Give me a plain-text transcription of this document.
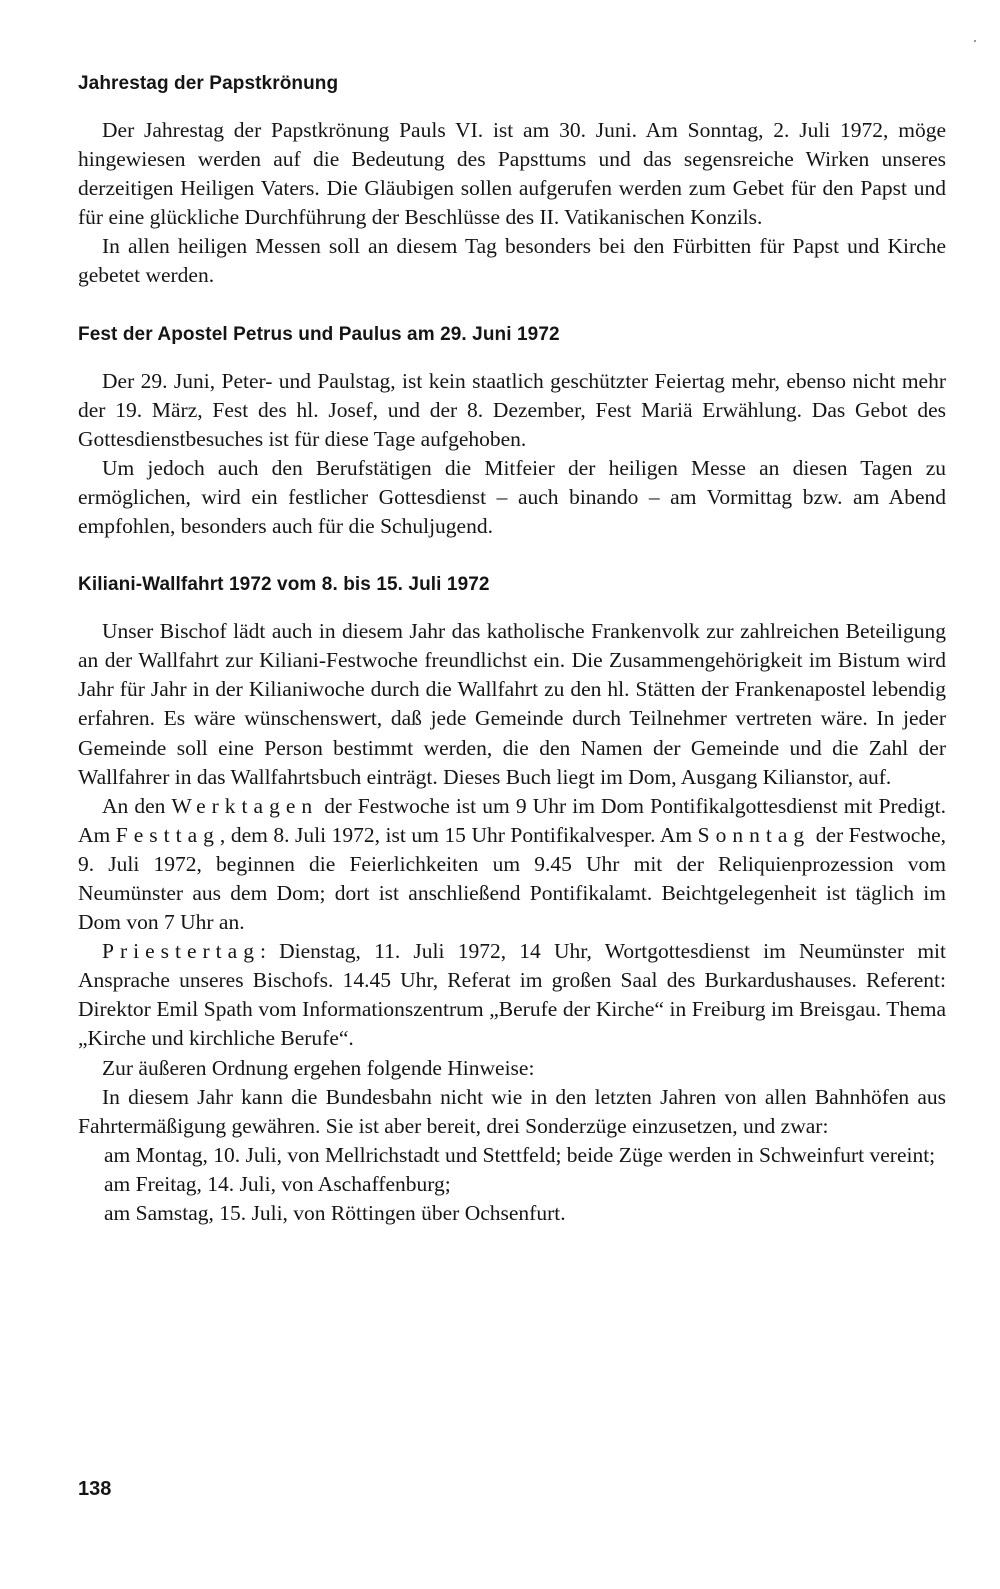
Jahrestag der Papstkrönung

Der Jahrestag der Papstkrönung Pauls VI. ist am 30. Juni. Am Sonntag, 2. Juli 1972, möge hingewiesen werden auf die Bedeutung des Papsttums und das segensreiche Wirken unseres derzeitigen Heiligen Vaters. Die Gläubigen sollen aufgerufen werden zum Gebet für den Papst und für eine glückliche Durchführung der Beschlüsse des II. Vatikanischen Konzils.

In allen heiligen Messen soll an diesem Tag besonders bei den Fürbitten für Papst und Kirche gebetet werden.

Fest der Apostel Petrus und Paulus am 29. Juni 1972

Der 29. Juni, Peter- und Paulstag, ist kein staatlich geschützter Feiertag mehr, ebenso nicht mehr der 19. März, Fest des hl. Josef, und der 8. Dezember, Fest Mariä Erwählung. Das Gebot des Gottesdienstbesuches ist für diese Tage aufgehoben.

Um jedoch auch den Berufstätigen die Mitfeier der heiligen Messe an diesen Tagen zu ermöglichen, wird ein festlicher Gottesdienst – auch binando – am Vormittag bzw. am Abend empfohlen, besonders auch für die Schuljugend.

Kiliani-Wallfahrt 1972 vom 8. bis 15. Juli 1972

Unser Bischof lädt auch in diesem Jahr das katholische Frankenvolk zur zahlreichen Beteiligung an der Wallfahrt zur Kiliani-Festwoche freundlichst ein. Die Zusammengehörigkeit im Bistum wird Jahr für Jahr in der Kilianiwoche durch die Wallfahrt zu den hl. Stätten der Frankenapostel lebendig erfahren. Es wäre wünschenswert, daß jede Gemeinde durch Teilnehmer vertreten wäre. In jeder Gemeinde soll eine Person bestimmt werden, die den Namen der Gemeinde und die Zahl der Wallfahrer in das Wallfahrtsbuch einträgt. Dieses Buch liegt im Dom, Ausgang Kilianstor, auf.

An den Werktagen der Festwoche ist um 9 Uhr im Dom Pontifikalgottesdienst mit Predigt. Am Festtag, dem 8. Juli 1972, ist um 15 Uhr Pontifikalvesper. Am Sonntag der Festwoche, 9. Juli 1972, beginnen die Feierlichkeiten um 9.45 Uhr mit der Reliquienprozession vom Neumünster aus dem Dom; dort ist anschließend Pontifikalamt. Beichtgelegenheit ist täglich im Dom von 7 Uhr an.

Priestertag: Dienstag, 11. Juli 1972, 14 Uhr, Wortgottesdienst im Neumünster mit Ansprache unseres Bischofs. 14.45 Uhr, Referat im großen Saal des Burkardushauses. Referent: Direktor Emil Spath vom Informationszentrum „Berufe der Kirche“ in Freiburg im Breisgau. Thema „Kirche und kirchliche Berufe“.

Zur äußeren Ordnung ergehen folgende Hinweise:

In diesem Jahr kann die Bundesbahn nicht wie in den letzten Jahren von allen Bahnhöfen aus Fahrtermäßigung gewähren. Sie ist aber bereit, drei Sonderzüge einzusetzen, und zwar:

am Montag, 10. Juli, von Mellrichstadt und Stettfeld; beide Züge werden in Schweinfurt vereint;

am Freitag, 14. Juli, von Aschaffenburg;

am Samstag, 15. Juli, von Röttingen über Ochsenfurt.

138
